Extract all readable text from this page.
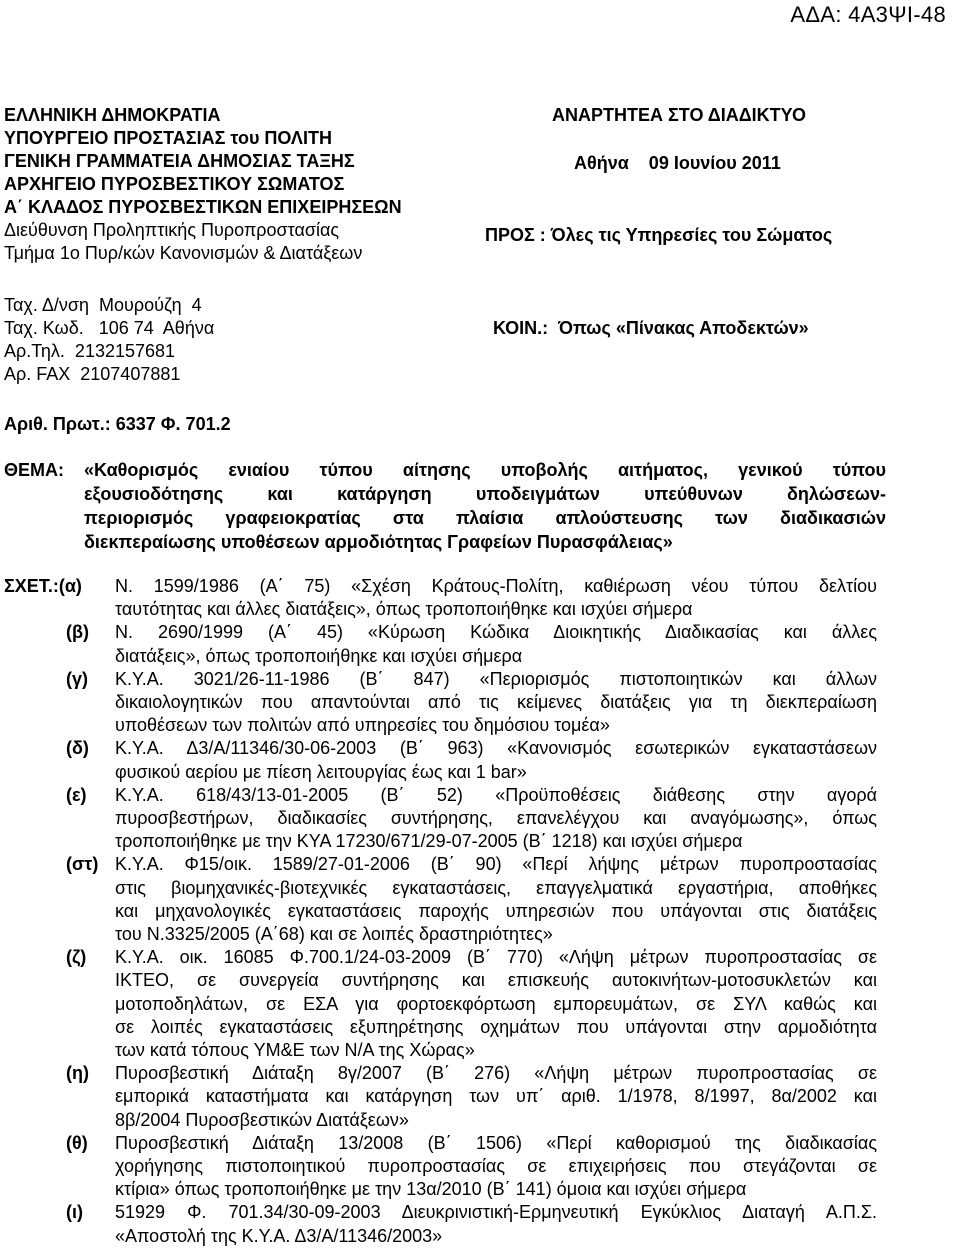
ΑΔΑ: 4Α3ΨΙ-48
ΕΛΛΗΝΙΚΗ ΔΗΜΟΚΡΑΤΙΑ
ΥΠΟΥΡΓΕΙΟ ΠΡΟΣΤΑΣΙΑΣ του ΠΟΛΙΤΗ
ΓΕΝΙΚΗ ΓΡΑΜΜΑΤΕΙΑ ΔΗΜΟΣΙΑΣ ΤΑΞΗΣ
ΑΡΧΗΓΕΙΟ ΠΥΡΟΣΒΕΣΤΙΚΟΥ ΣΩΜΑΤΟΣ
Α΄ ΚΛΑΔΟΣ ΠΥΡΟΣΒΕΣΤΙΚΩΝ ΕΠΙΧΕΙΡΗΣΕΩΝ
Διεύθυνση Προληπτικής Πυροπροστασίας
Τμήμα 1ο Πυρ/κών Κανονισμών & Διατάξεων
Ταχ. Δ/νση  Μουρούζη  4
Ταχ. Κωδ.   106 74  Αθήνα
Αρ.Τηλ.  2132157681
Αρ. FAX  2107407881
ΑΝΑΡΤΗΤΕΑ ΣΤΟ ΔΙΑΔΙΚΤΥΟ
Αθήνα    09 Ιουνίου 2011
ΠΡΟΣ : Όλες τις Υπηρεσίες του Σώματος
ΚΟΙΝ.:  Όπως «Πίνακας Αποδεκτών»
Αριθ. Πρωτ.: 6337 Φ. 701.2
ΘΕΜΑ: «Καθορισμός ενιαίου τύπου αίτησης υποβολής αιτήματος, γενικού τύπου
εξουσιοδότησης και κατάργηση υποδειγμάτων υπεύθυνων δηλώσεων-
περιορισμός γραφειοκρατίας στα πλαίσια απλούστευσης των διαδικασιών
διεκπεραίωσης υποθέσεων αρμοδιότητας Γραφείων Πυρασφάλειας»
ΣΧΕΤ.:(α) Ν. 1599/1986 (Α΄ 75) «Σχέση Κράτους-Πολίτη, καθιέρωση νέου τύπου δελτίου
ταυτότητας και άλλες διατάξεις», όπως τροποποιήθηκε και ισχύει σήμερα
(β) Ν. 2690/1999 (Α΄ 45) «Κύρωση Κώδικα Διοικητικής Διαδικασίας και άλλες
διατάξεις», όπως τροποποιήθηκε και ισχύει σήμερα
(γ) Κ.Υ.Α. 3021/26-11-1986 (Β΄ 847) «Περιορισμός πιστοποιητικών και άλλων
δικαιολογητικών που απαντούνται από τις κείμενες διατάξεις για τη διεκπεραίωση
υποθέσεων των πολιτών από υπηρεσίες του δημόσιου τομέα»
(δ) Κ.Υ.Α. Δ3/Α/11346/30-06-2003 (Β΄ 963) «Κανονισμός εσωτερικών εγκαταστάσεων
φυσικού αερίου με πίεση λειτουργίας έως και 1 bar»
(ε) Κ.Υ.Α. 618/43/13-01-2005 (Β΄ 52) «Προϋποθέσεις διάθεσης στην αγορά
πυροσβεστήρων, διαδικασίες συντήρησης, επανελέγχου και αναγόμωσης», όπως
τροποποιήθηκε με την ΚΥΑ 17230/671/29-07-2005 (Β΄ 1218) και ισχύει σήμερα
(στ) Κ.Υ.Α. Φ15/οικ. 1589/27-01-2006 (Β΄ 90) «Περί λήψης μέτρων πυροπροστασίας
στις βιομηχανικές-βιοτεχνικές εγκαταστάσεις, επαγγελματικά εργαστήρια, αποθήκες
και μηχανολογικές εγκαταστάσεις παροχής υπηρεσιών που υπάγονται στις διατάξεις
του Ν.3325/2005 (Α΄68) και σε λοιπές δραστηριότητες»
(ζ) Κ.Υ.Α. οικ. 16085 Φ.700.1/24-03-2009 (Β΄ 770) «Λήψη μέτρων πυροπροστασίας σε
ΙΚΤΕΟ, σε συνεργεία συντήρησης και επισκευής αυτοκινήτων-μοτοσυκλετών και
μοτοποδηλάτων, σε ΕΣΑ για φορτοεκφόρτωση εμπορευμάτων, σε ΣΥΛ καθώς και
σε λοιπές εγκαταστάσεις εξυπηρέτησης οχημάτων που υπάγονται στην αρμοδιότητα
των κατά τόπους ΥΜ&Ε των Ν/Α της Χώρας»
(η) Πυροσβεστική Διάταξη 8γ/2007 (Β΄ 276) «Λήψη μέτρων πυροπροστασίας σε
εμπορικά καταστήματα και κατάργηση των υπ΄ αριθ. 1/1978, 8/1997, 8α/2002 και
8β/2004 Πυροσβεστικών Διατάξεων»
(θ) Πυροσβεστική Διάταξη 13/2008 (Β΄ 1506) «Περί καθορισμού της διαδικασίας
χορήγησης πιστοποιητικού πυροπροστασίας σε επιχειρήσεις που στεγάζονται σε
κτίρια» όπως τροποποιήθηκε με την 13α/2010 (Β΄ 141) όμοια και ισχύει σήμερα
(ι) 51929 Φ. 701.34/30-09-2003 Διευκρινιστική-Ερμηνευτική Εγκύκλιος Διαταγή Α.Π.Σ.
«Αποστολή της Κ.Υ.Α. Δ3/Α/11346/2003»
